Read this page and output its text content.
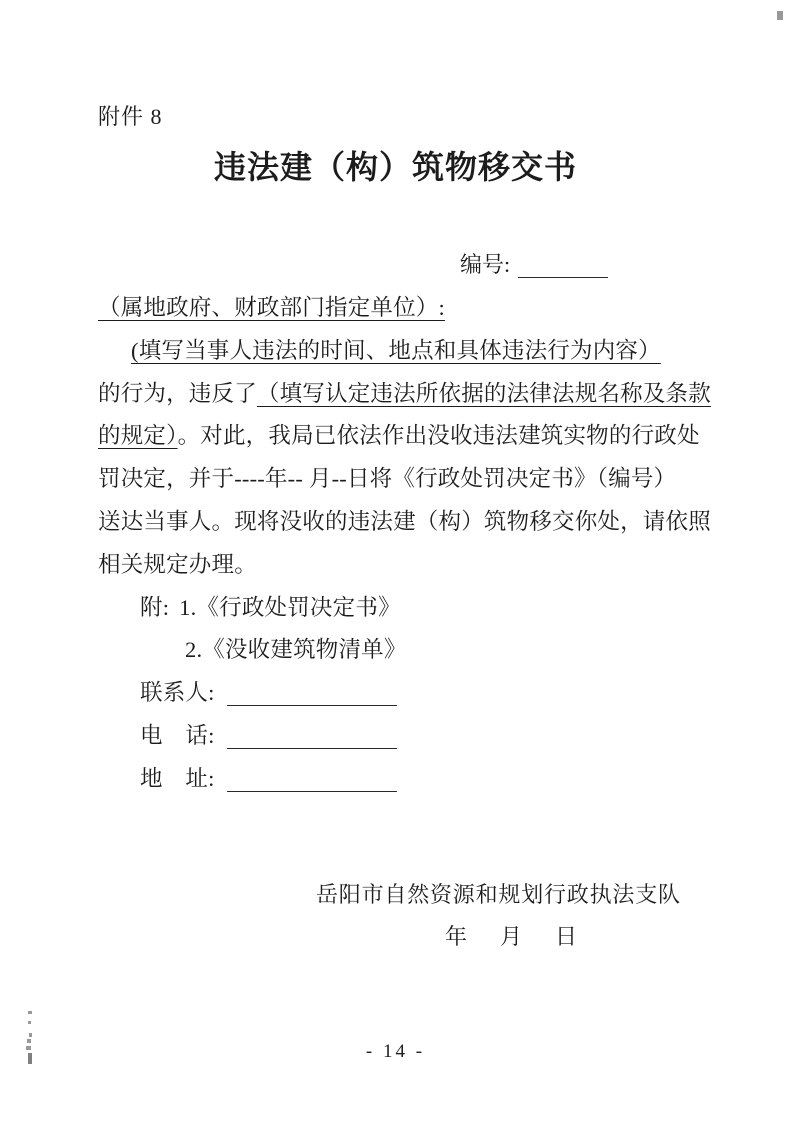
附件 8
违法建（构）筑物移交书
编号:
（属地政府、财政部门指定单位）:
(填写当事人违法的时间、地点和具体违法行为内容）
的行为，违反了（填写认定违法所依据的法律法规名称及条款
的规定）。对此，我局已依法作出没收违法建筑实物的行政处
罚决定，并于----年-- 月--日将《行政处罚决定书》（编号）
送达当事人。现将没收的违法建（构）筑物移交你处，请依照
相关规定办理。
附: 1.《行政处罚决定书》
2.《没收建筑物清单》
联系人:
电　话:
地　址:
岳阳市自然资源和规划行政执法支队
年 月 日
- 14 -
